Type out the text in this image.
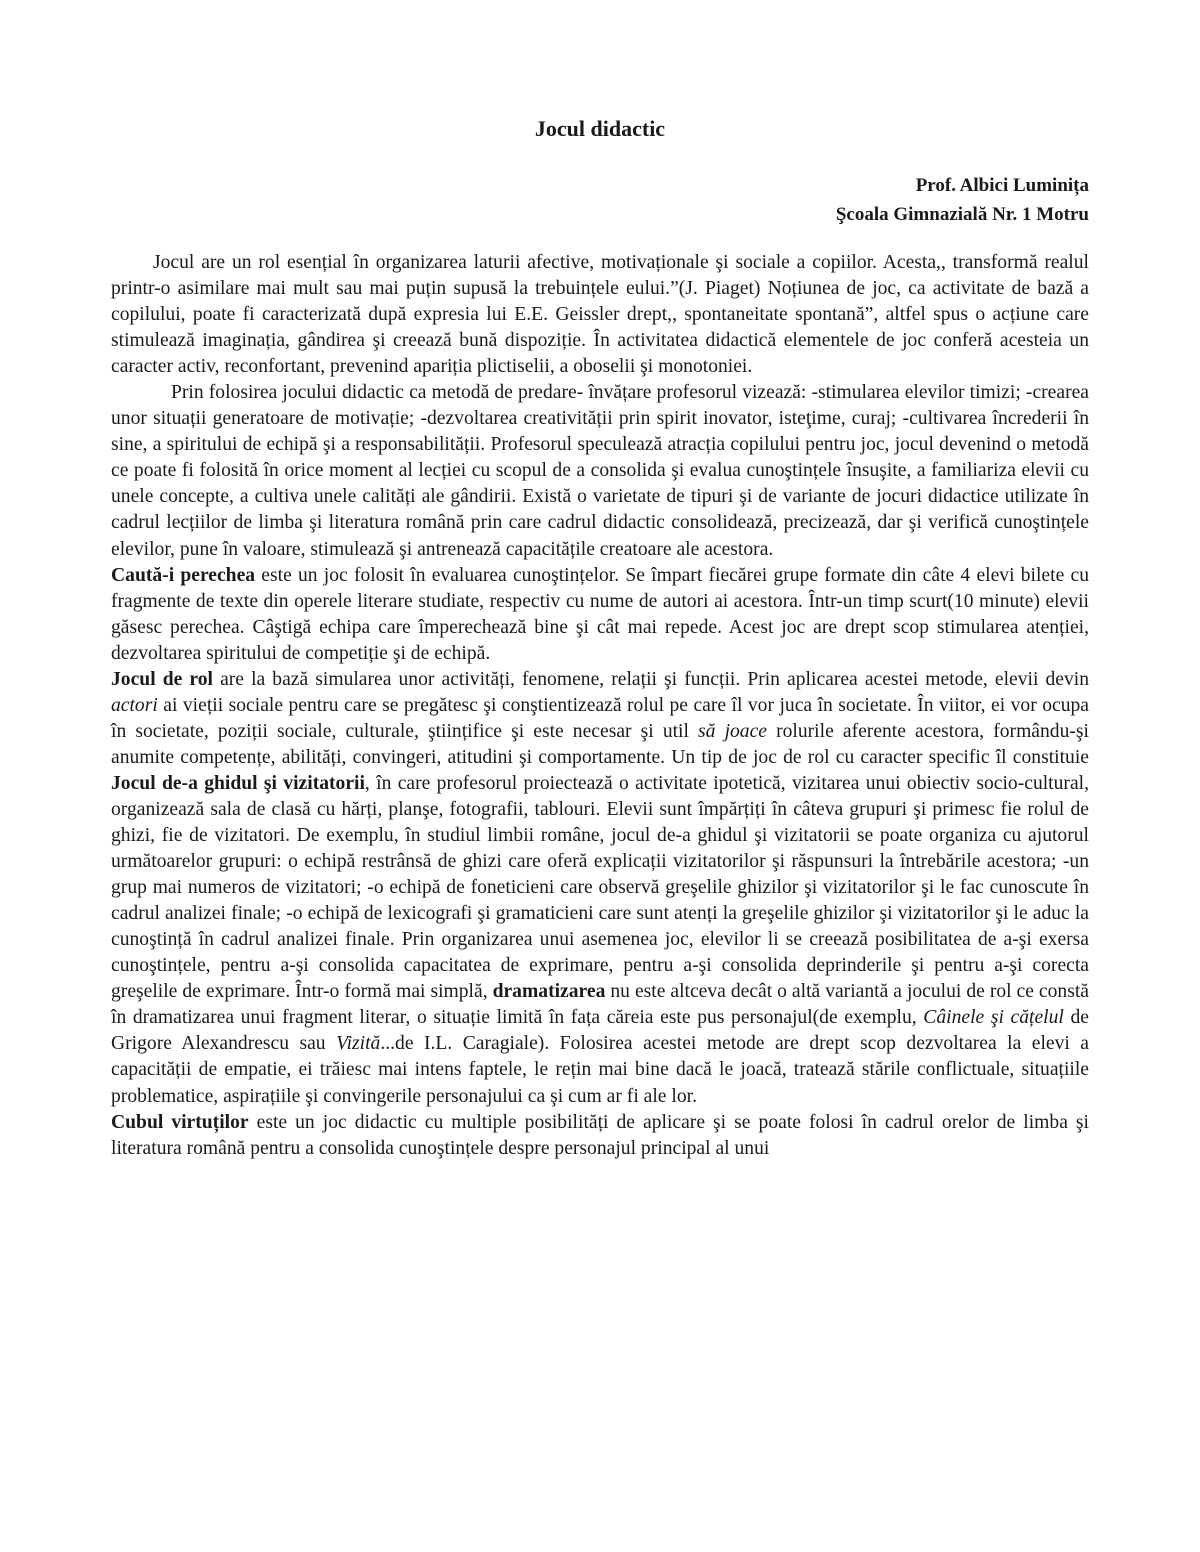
Jocul didactic
Prof. Albici Luminița
Şcoala Gimnazială Nr. 1 Motru

Jocul are un rol esențial în organizarea laturii afective, motivaționale şi sociale a copiilor. Acesta,, transformă realul printr-o asimilare mai mult sau mai puțin supusă la trebuințele eului.”(J. Piaget) Noțiunea de joc, ca activitate de bază a copilului, poate fi caracterizată după expresia lui E.E. Geissler drept,, spontaneitate spontană”, altfel spus o acțiune care stimulează imaginația, gândirea şi creează bună dispoziție. În activitatea didactică elementele de joc conferă acesteia un caracter activ, reconfortant, prevenind apariția plictiselii, a oboselii şi monotoniei.

Prin folosirea jocului didactic ca metodă de predare- învățare profesorul vizează: -stimularea elevilor timizi; -crearea unor situații generatoare de motivație; -dezvoltarea creativității prin spirit inovator, isteţime, curaj; -cultivarea încrederii în sine, a spiritului de echipă şi a responsabilității. Profesorul speculează atracția copilului pentru joc, jocul devenind o metodă ce poate fi folosită în orice moment al lecției cu scopul de a consolida şi evalua cunoştințele însuşite, a familiariza elevii cu unele concepte, a cultiva unele calități ale gândirii. Există o varietate de tipuri şi de variante de jocuri didactice utilizate în cadrul lecțiilor de limba şi literatura română prin care cadrul didactic consolidează, precizează, dar şi verifică cunoştințele elevilor, pune în valoare, stimulează şi antrenează capacitățile creatoare ale acestora.

Caută-i perechea este un joc folosit în evaluarea cunoştințelor. Se împart fiecărei grupe formate din câte 4 elevi bilete cu fragmente de texte din operele literare studiate, respectiv cu nume de autori ai acestora. Într-un timp scurt(10 minute) elevii găsesc perechea. Câştigă echipa care împerechează bine şi cât mai repede. Acest joc are drept scop stimularea atenției, dezvoltarea spiritului de competiție şi de echipă.

Jocul de rol are la bază simularea unor activități, fenomene, relații şi funcții. Prin aplicarea acestei metode, elevii devin actori ai vieții sociale pentru care se pregătesc şi conştientizează rolul pe care îl vor juca în societate. În viitor, ei vor ocupa în societate, poziții sociale, culturale, ştiințifice şi este necesar şi util să joace rolurile aferente acestora, formându-şi anumite competențe, abilități, convingeri, atitudini şi comportamente. Un tip de joc de rol cu caracter specific îl constituie Jocul de-a ghidul şi vizitatorii, în care profesorul proiectează o activitate ipotetică, vizitarea unui obiectiv socio-cultural, organizează sala de clasă cu hărți, planşe, fotografii, tablouri. Elevii sunt împărțiți în câteva grupuri şi primesc fie rolul de ghizi, fie de vizitatori. De exemplu, în studiul limbii române, jocul de-a ghidul şi vizitatorii se poate organiza cu ajutorul următoarelor grupuri: o echipă restrânsă de ghizi care oferă explicații vizitatorilor şi răspunsuri la întrebările acestora; -un grup mai numeros de vizitatori; -o echipă de foneticieni care observă greşelile ghizilor şi vizitatorilor şi le fac cunoscute în cadrul analizei finale; -o echipă de lexicografi şi gramaticieni care sunt atenți la greşelile ghizilor şi vizitatorilor şi le aduc la cunoştință în cadrul analizei finale. Prin organizarea unui asemenea joc, elevilor li se creează posibilitatea de a-şi exersa cunoştințele, pentru a-şi consolida capacitatea de exprimare, pentru a-şi consolida deprinderile şi pentru a-şi corecta greşelile de exprimare. Într-o formă mai simplă, dramatizarea nu este altceva decât o altă variantă a jocului de rol ce constă în dramatizarea unui fragment literar, o situație limită în fața căreia este pus personajul(de exemplu, Câinele şi cățelul de Grigore Alexandrescu sau Vizită...de I.L. Caragiale). Folosirea acestei metode are drept scop dezvoltarea la elevi a capacității de empatie, ei trăiesc mai intens faptele, le rețin mai bine dacă le joacă, tratează stările conflictuale, situațiile problematice, aspirațiile şi convingerile personajului ca şi cum ar fi ale lor.

Cubul virtuților este un joc didactic cu multiple posibilități de aplicare şi se poate folosi în cadrul orelor de limba şi literatura română pentru a consolida cunoştințele despre personajul principal al unui
